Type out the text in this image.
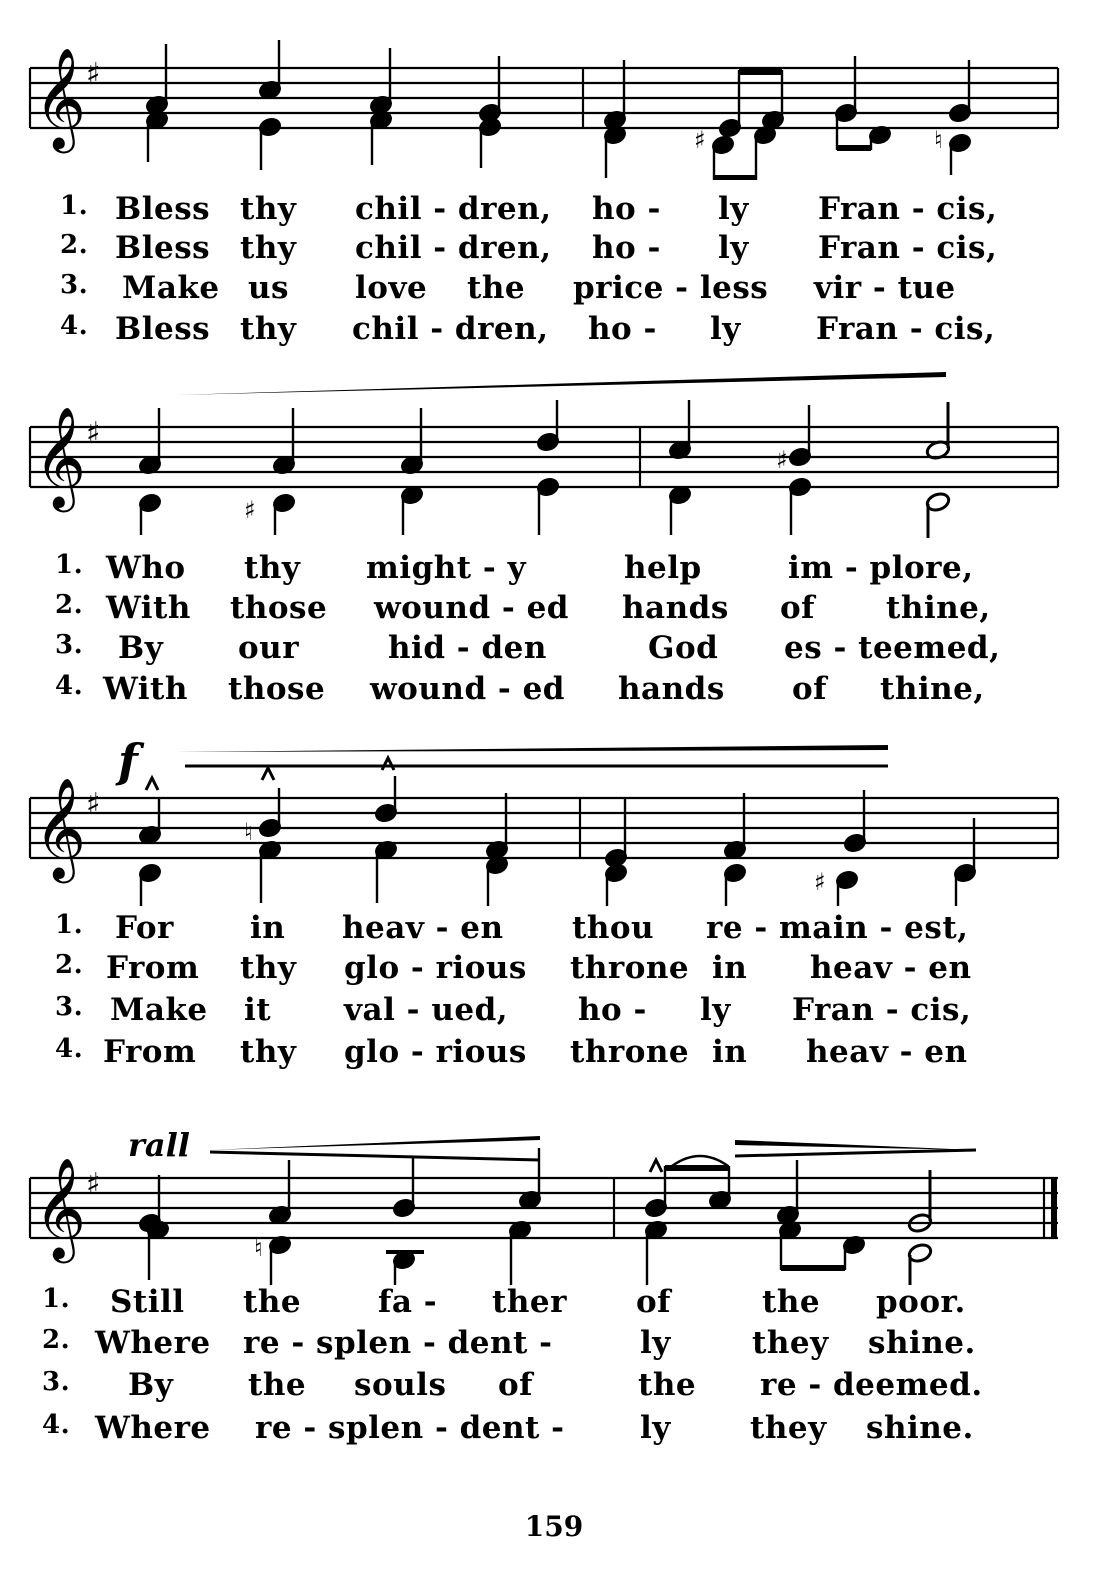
𝄞 ♯
♯	♮
1. Bless thy chil - dren, ho - ly Fran - cis,
2. Bless thy chil - dren, ho - ly Fran - cis,
3. Make us love the price - less vir - tue
4. Bless thy chil - dren, ho - ly Fran - cis,
𝄞 ♯
♯
♯
1. Who thy might - y	help	im - plore,
2. With those wound - ed hands of thine,
3. By our	hid - den	God es - teemed,
4. With those wound - ed hands of thine,
f
𝄞 ♯
♮
♯
1. For in heav - en thou re - main - est,
2. From thy glo - rious throne in heav - en
3. Make it val - ued, ho - ly Fran - cis,
4. From thy glo - rious throne in heav - en
rall
𝄞 ♯
♮
1. Still the fa - ther of	the poor.
2. Where re - splen - dent -	ly	they shine.
3. By the souls of	the re - deemed.
4. Where re - splen - dent - ly	they shine.
159
